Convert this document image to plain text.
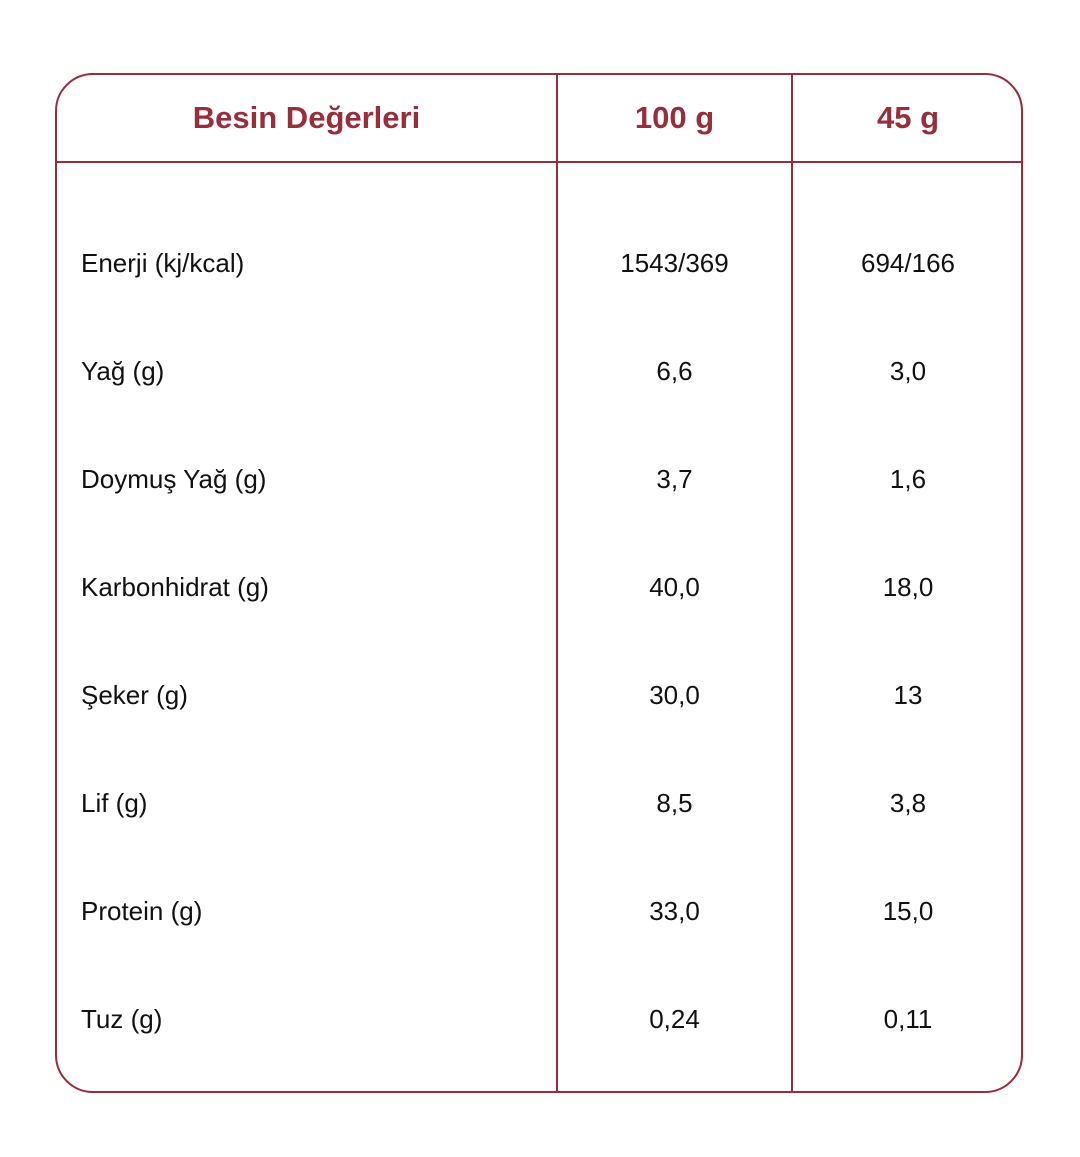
Besin Değerleri	100 g	45 g
Enerji (kj/kcal)	1543/369	694/166
Yağ (g)	6,6	3,0
Doymuş Yağ (g)	3,7	1,6
Karbonhidrat (g)	40,0	18,0
Şeker (g)	30,0	13
Lif (g)	8,5	3,8
Protein (g)	33,0	15,0
Tuz (g)	0,24	0,11
